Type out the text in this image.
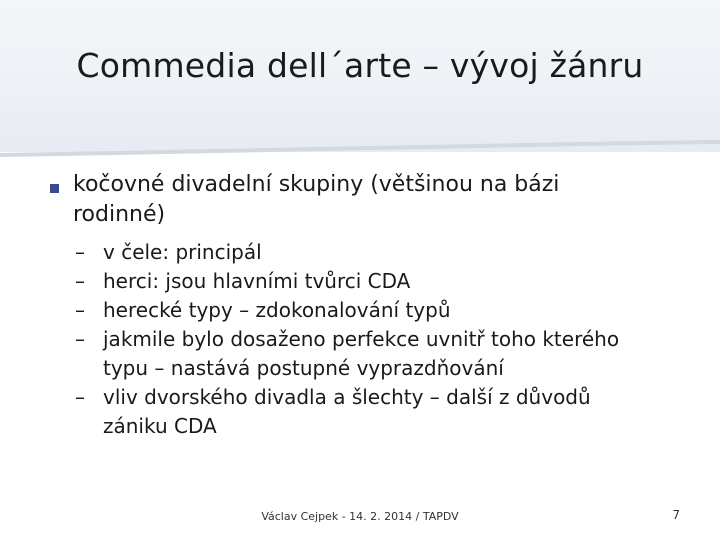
Commedia dell´arte – vývoj žánru
kočovné divadelní skupiny (většinou na bázi rodinné)
– v čele: principál
– herci: jsou hlavními tvůrci CDA
– herecké typy – zdokonalování typů
– jakmile bylo dosaženo perfekce uvnitř toho kterého typu – nastává postupné vyprazdňování
– vliv dvorského divadla a šlechty – další z důvodů zániku CDA
Václav Cejpek - 14. 2. 2014 / TAPDV	7
